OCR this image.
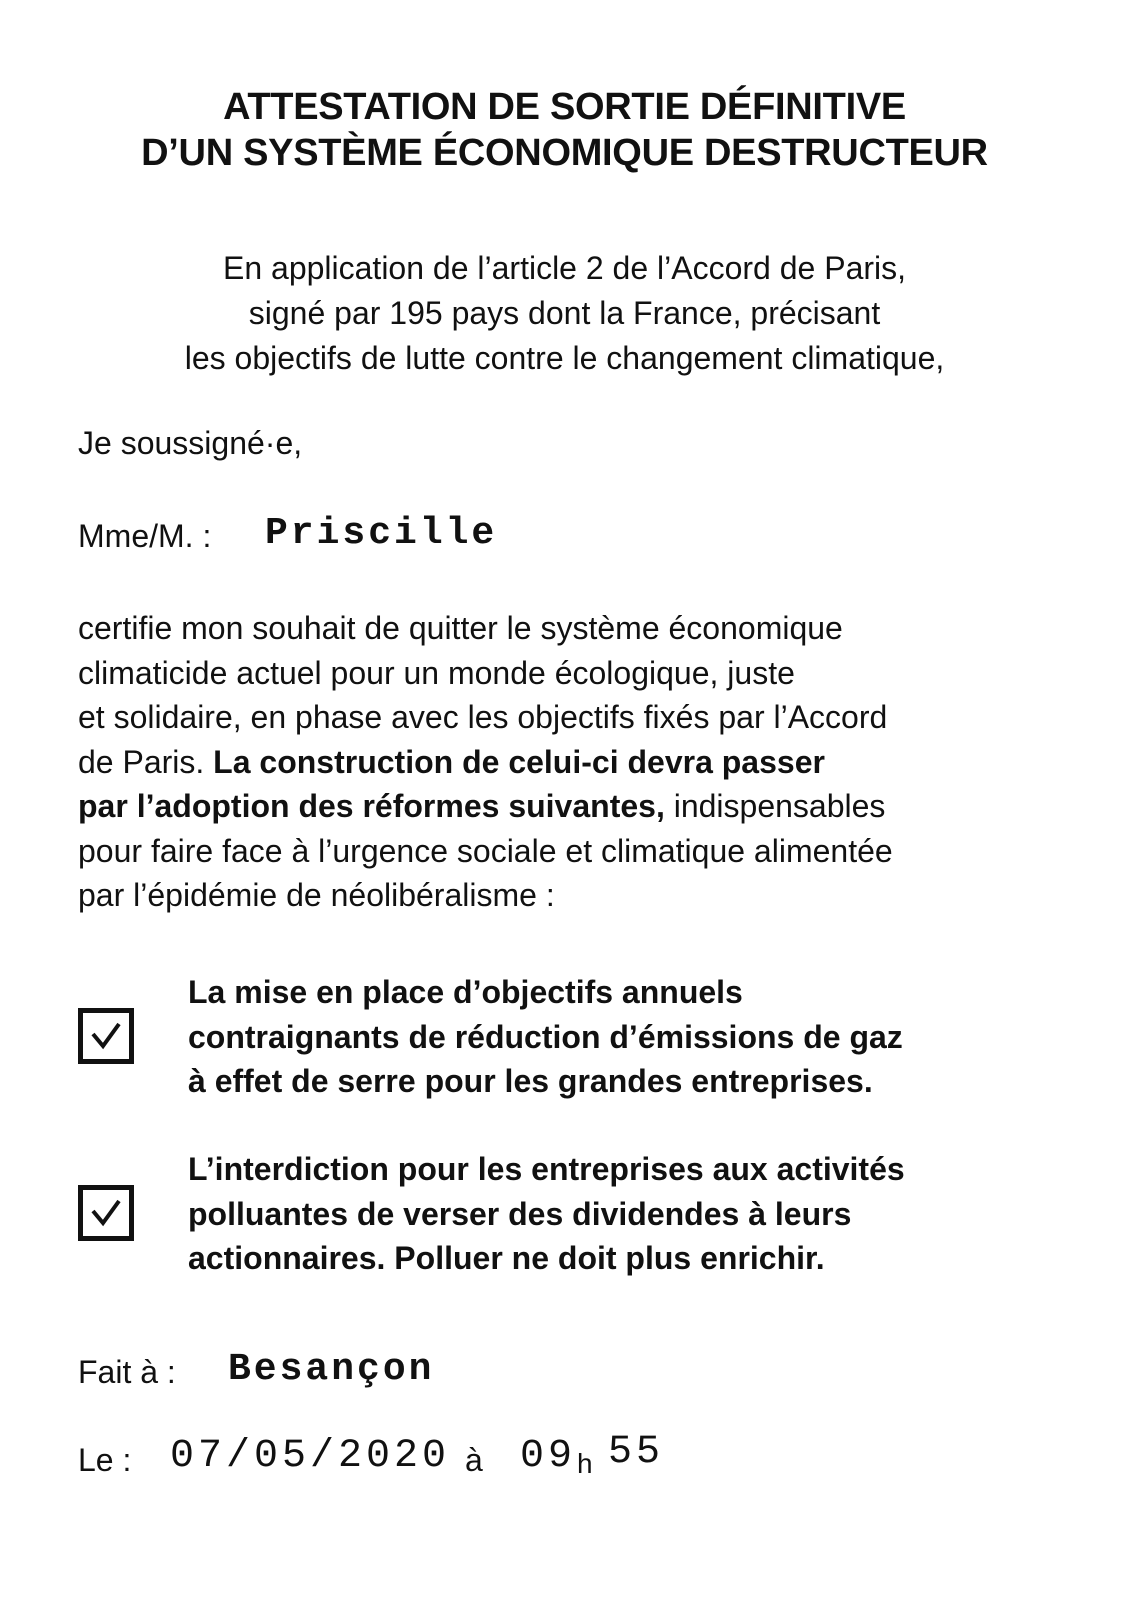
ATTESTATION DE SORTIE DÉFINITIVE
D’UN SYSTÈME ÉCONOMIQUE DESTRUCTEUR
En application de l’article 2 de l’Accord de Paris,
signé par 195 pays dont la France, précisant
les objectifs de lutte contre le changement climatique,
Je soussigné·e,
Mme/M. : Priscille
certifie mon souhait de quitter le système économique
climaticide actuel pour un monde écologique, juste
et solidaire, en phase avec les objectifs fixés par l’Accord
de Paris. La construction de celui-ci devra passer
par l’adoption des réformes suivantes, indispensables
pour faire face à l’urgence sociale et climatique alimentée
par l’épidémie de néolibéralisme :
La mise en place d’objectifs annuels
contraignants de réduction d’émissions de gaz
à effet de serre pour les grandes entreprises.
L’interdiction pour les entreprises aux activités
polluantes de verser des dividendes à leurs
actionnaires. Polluer ne doit plus enrichir.
Fait à : Besançon
Le : 07/05/2020 à 09 h 55
